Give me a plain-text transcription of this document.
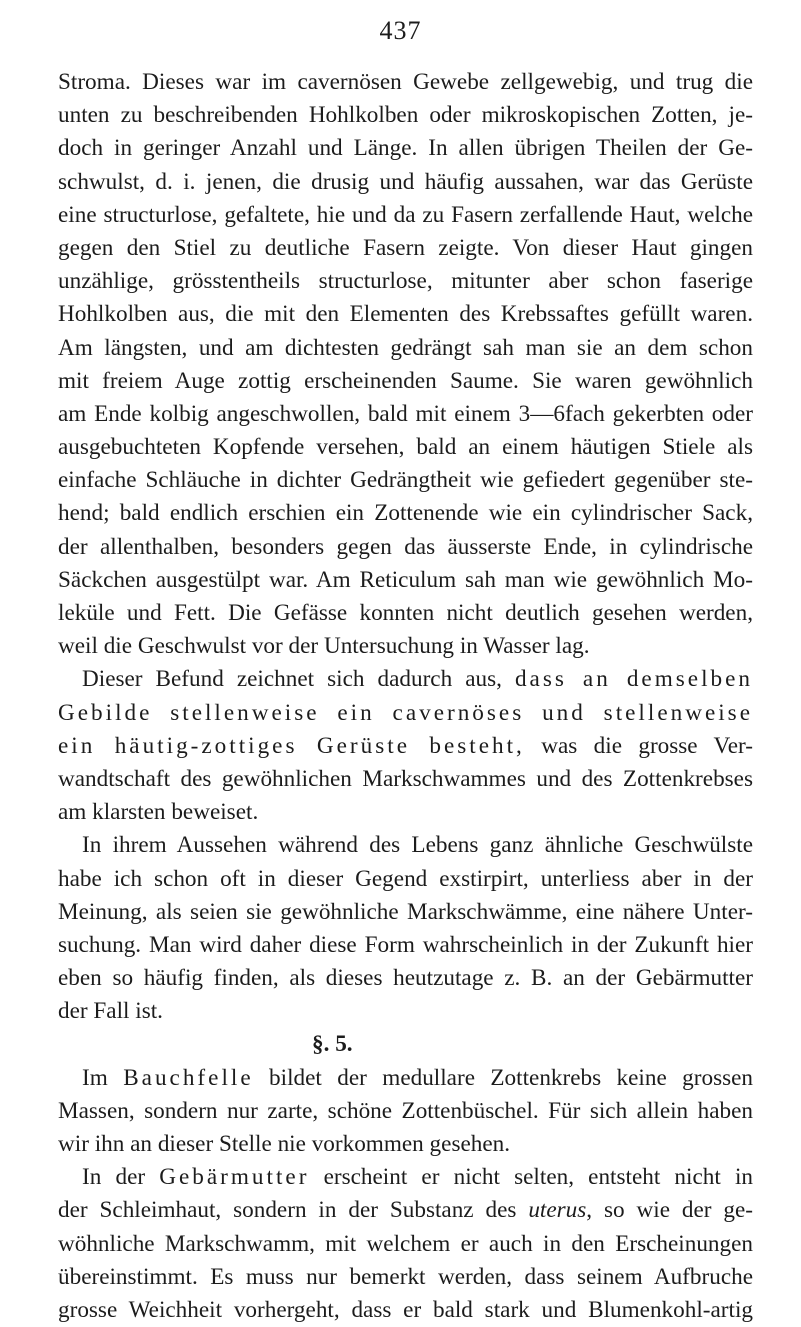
437
Stroma. Dieses war im cavernösen Gewebe zellgewebig, und trug die
unten zu beschreibenden Hohlkolben oder mikroskopischen Zotten, je-
doch in geringer Anzahl und Länge. In allen übrigen Theilen der Ge-
schwulst, d. i. jenen, die drusig und häufig aussahen, war das Gerüste
eine structurlose, gefaltete, hie und da zu Fasern zerfallende Haut, welche
gegen den Stiel zu deutliche Fasern zeigte. Von dieser Haut gingen
unzählige, grösstentheils structurlose, mitunter aber schon faserige
Hohlkolben aus, die mit den Elementen des Krebssaftes gefüllt waren.
Am längsten, und am dichtesten gedrängt sah man sie an dem schon
mit freiem Auge zottig erscheinenden Saume. Sie waren gewöhnlich
am Ende kolbig angeschwollen, bald mit einem 3—6fach gekerbten oder
ausgebuchteten Kopfende versehen, bald an einem häutigen Stiele als
einfache Schläuche in dichter Gedrängtheit wie gefiedert gegenüber ste-
hend; bald endlich erschien ein Zottenende wie ein cylindrischer Sack,
der allenthalben, besonders gegen das äusserste Ende, in cylindrische
Säckchen ausgestülpt war. Am Reticulum sah man wie gewöhnlich Mo-
leküle und Fett. Die Gefässe konnten nicht deutlich gesehen werden,
weil die Geschwulst vor der Untersuchung in Wasser lag.
Dieser Befund zeichnet sich dadurch aus, dass an demselben
Gebilde stellenweise ein cavernöses und stellenweise
ein häutig-zottiges Gerüste besteht, was die grosse Ver-
wandtschaft des gewöhnlichen Markschwammes und des Zottenkrebses
am klarsten beweiset.
In ihrem Aussehen während des Lebens ganz ähnliche Geschwülste
habe ich schon oft in dieser Gegend exstirpirt, unterliess aber in der
Meinung, als seien sie gewöhnliche Markschwämme, eine nähere Unter-
suchung. Man wird daher diese Form wahrscheinlich in der Zukunft hier
eben so häufig finden, als dieses heutzutage z. B. an der Gebärmutter
der Fall ist.
§. 5.
Im Bauchfelle bildet der medullare Zottenkrebs keine grossen
Massen, sondern nur zarte, schöne Zottenbüschel. Für sich allein haben
wir ihn an dieser Stelle nie vorkommen gesehen.
In der Gebärmutter erscheint er nicht selten, entsteht nicht in
der Schleimhaut, sondern in der Substanz des uterus, so wie der ge-
wöhnliche Markschwamm, mit welchem er auch in den Erscheinungen
übereinstimmt. Es muss nur bemerkt werden, dass seinem Aufbruche
grosse Weichheit vorhergeht, dass er bald stark und Blumenkohl-artig
